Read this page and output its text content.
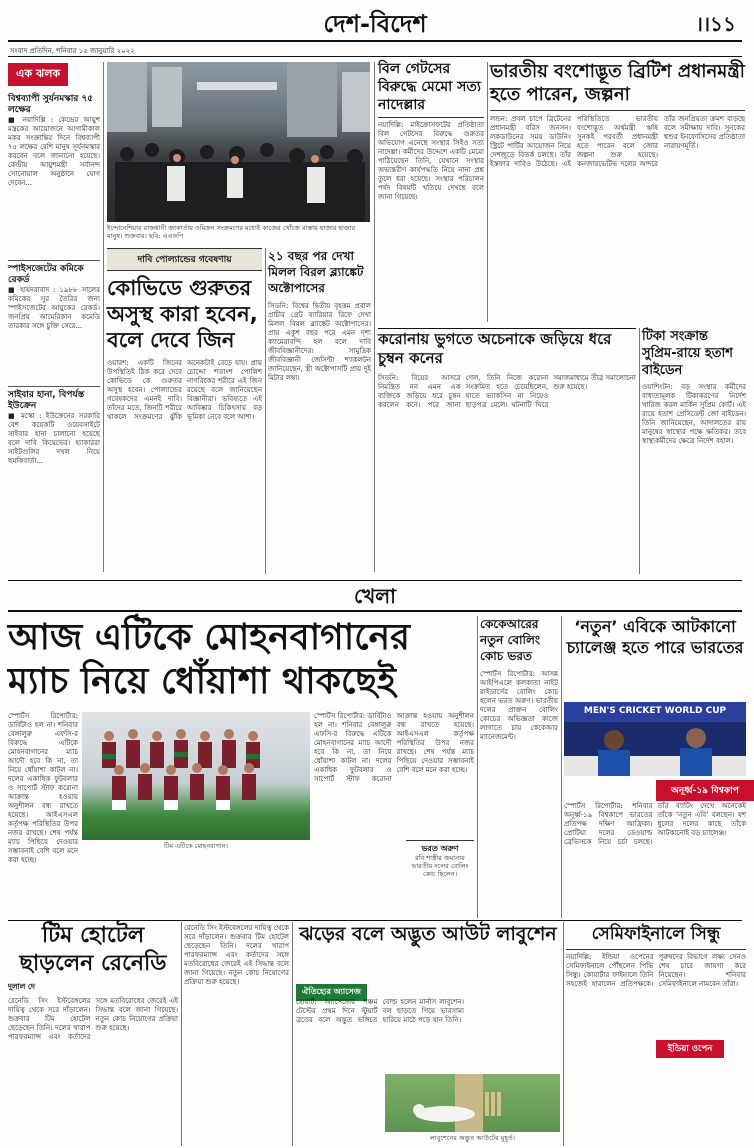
দেশ-বিদেশ	।।১১
সংবাদ প্রতিদিন, শনিবার ১৫ জানুয়ারি ২০২২
এক ঝলক
বিশ্বব্যাপী সুর্যনমস্কার ৭৫ লক্ষের
■ নয়াদিল্লি : কেন্দ্রের আয়ুশ মন্ত্রকের আয়োজনে আগামীকাল মকর সংক্রান্তির দিনে বিশ্বব্যাপী ৭৫ লক্ষের বেশি মানুষ সূর্যনমস্কার করবেন বলে জানানো হয়েছে। কেন্দ্রীয় আয়ুশমন্ত্রী সর্বানন্দ সোনোয়াল অনুষ্ঠানে যোগ দেবেন...
স্পাইসজেটের কমিকে রেকর্ড
■ হায়দরাবাদ : ১৯৮৮ সালের কমিকের সুর তৈরির জন্য স্পাইসজেটের আয়ুকের রেকর্ড। জনপ্রিয় আমেরিকান কমেডি তারকার সঙ্গে চুক্তি সেরে...
সাইবার হানা, বিপর্যস্ত ইউক্রেন
■ মস্কো : ইউক্রেনের সরকারি বেশ কয়েকটি ওয়েবসাইটে সাইবার হানা চালানো হয়েছে বলে দাবি কিয়েভের। হ্যাকাররা সাইটগুলির দখল নিয়ে হুমকিবার্তা...
ইন্দোনেশিয়ার রাজধানী জাকার্তায় ওমিক্রন সংক্রমণের মধ্যেই কাজের খোঁজে রাস্তায় হাজার হাজার মানুষ। শুক্রবার। ছবি: এএফপি
বিল গেটসের বিরুদ্ধে মেমো সত্য নাদেল্লার
নয়াদিল্লি: মাইক্রোসফটের প্রতিষ্ঠাতা বিল গেটসের বিরুদ্ধে গুরুতর অভিযোগ এনেছে সংস্থার সিইও সত্য নাদেল্লা। কর্মীদের উদ্দেশে একটি মেমো পাঠিয়েছেন তিনি, যেখানে সংস্থার অভ্যন্তরীণ কার্যপদ্ধতি নিয়ে নানা প্রশ্ন তুলে ধরা হয়েছে। সংস্থার পরিচালন পর্ষদ বিষয়টি খতিয়ে দেখছে বলে জানা গিয়েছে।
ভারতীয় বংশোদ্ভূত ব্রিটিশ প্রধানমন্ত্রী হতে পারেন, জল্পনা
লন্ডন: প্রবল চাপে ব্রিটেনের প্রধানমন্ত্রী বরিস জনসন। লকডাউনের সময় ডাউনিং স্ট্রিটে পার্টির আয়োজন নিয়ে দেশজুড়ে বিতর্ক চলছে। তাঁর ইস্তফার দাবিও উঠেছে। এই পরিস্থিতিতে ভারতীয় বংশোদ্ভূত অর্থমন্ত্রী ঋষি সুনকই পরবর্তী প্রধানমন্ত্রী হতে পারেন বলে জোর জল্পনা শুরু হয়েছে। কনজারভেটিভ দলের অন্দরে তাঁর জনপ্রিয়তা ক্রমশ বাড়ছে বলে সমীক্ষায় দাবি। সুনকের শ্বশুর ইনফোসিসের প্রতিষ্ঠাতা নারায়ণমূর্তি।
দাবি পোল্যান্ডের গবেষণায়
কোভিডে গুরুতর অসুস্থ কারা হবেন, বলে দেবে জিন
ওয়ারশ: একটি জিনের উপস্থিতিই ঠিক করে দেবে কোভিডে কে গুরুতর অসুস্থ হবেন। পোল্যান্ডের গবেষকদের এমনই দাবি। তাঁদের মতে, জিনটি শরীরে থাকলে সংক্রমণের ঝুঁকি অনেকটাই বেড়ে যায়। প্রায় চোদ্দো শতাংশ পোলিশ নাগরিকের শরীরে এই জিন রয়েছে বলে জানিয়েছেন বিজ্ঞানীরা। ভবিষ্যতে এই আবিষ্কার চিকিৎসায় বড় ভূমিকা নেবে বলে আশা।
২১ বছর পর দেখা মিলল বিরল ব্ল্যাঙ্কেট অক্টোপাসের
সিডনি: বিশ্বের দ্বিতীয় বৃহত্তম প্রবাল প্রাচীর গ্রেট ব্যারিয়ার রিফে দেখা মিলল বিরল ব্ল্যাঙ্কেট অক্টোপাসের। প্রায় একুশ বছর পরে এমন দৃশ্য ক্যামেরাবন্দি হল বলে দাবি জীববিজ্ঞানীদের। সামুদ্রিক জীববিজ্ঞানী জেসিন্টা শ্যাকলটন জানিয়েছেন, স্ত্রী অক্টোপাসটি প্রায় দুই মিটার লম্বা।
করোনায় ভুগতে অচেনাকে জড়িয়ে ধরে চুম্বন কনের
সিডনি: বিয়ের আসরে নিমন্ত্রিত নন এমন এক ব্যক্তিকে জড়িয়ে ধরে চুম্বন করলেন কনে। পরে জানা গেল, তিনি নিজে করোনা সংক্রমিত হতে চেয়েছিলেন, যাতে ভ্যাকসিন না নিয়েও ছাড়পত্র মেলে। ঘটনাটি ঘিরে সমাজমাধ্যমে তীব্র সমালোচনা শুরু হয়েছে।
টিকা সংক্রান্ত সুপ্রিম-রায়ে হতাশ বাইডেন
ওয়াশিংটন: বড় সংস্থার কর্মীদের বাধ্যতামূলক টিকাকরণের নির্দেশ খারিজ করল মার্কিন সুপ্রিম কোর্ট। এই রায়ে হতাশ প্রেসিডেন্ট জো বাইডেন। তিনি জানিয়েছেন, আদালতের রায় মানুষের স্বাস্থ্যের পক্ষে ক্ষতিকর। তবে স্বাস্থ্যকর্মীদের ক্ষেত্রে নির্দেশ বহাল।
খেলা
আজ এটিকে মোহনবাগানের ম্যাচ নিয়ে ধোঁয়াশা থাকছেই
টিম এটিকে মোহনবাগান।
স্পোর্টস রিপোর্টার: ডার্বিটাও হল না। শনিবার বেঙ্গালুরু এফসি-র বিরুদ্ধে এটিকে মোহনবাগানের ম্যাচ আদৌ হবে কি না, তা নিয়ে ধোঁয়াশা কাটল না। দলের একাধিক ফুটবলার ও সাপোর্ট স্টাফ করোনা আক্রান্ত হওয়ায় অনুশীলন বন্ধ রাখতে হয়েছে। আইএসএল কর্তৃপক্ষ পরিস্থিতির উপর নজর রাখছে। শেষ পর্যন্ত ম্যাচ পিছিয়ে দেওয়ার সম্ভাবনাই বেশি বলে মনে করা হচ্ছে।
স্পোর্টস রিপোর্টার: ডার্বিটাও হল না। শনিবার বেঙ্গালুরু এফসি-র বিরুদ্ধে এটিকে মোহনবাগানের ম্যাচ আদৌ হবে কি না, তা নিয়ে ধোঁয়াশা কাটল না। দলের একাধিক ফুটবলার ও সাপোর্ট স্টাফ করোনা আক্রান্ত হওয়ায় অনুশীলন বন্ধ রাখতে হয়েছে। আইএসএল কর্তৃপক্ষ পরিস্থিতির উপর নজর রাখছে। শেষ পর্যন্ত ম্যাচ পিছিয়ে দেওয়ার সম্ভাবনাই বেশি বলে মনে করা হচ্ছে।
কেকেআরের নতুন বোলিং কোচ ভরত
স্পোর্টস রিপোর্টার: আসন্ন আইপিএলে কলকাতা নাইট রাইডার্সের বোলিং কোচ হলেন ভরত অরুণ। ভারতীয় দলের প্রাক্তন বোলিং কোচের অভিজ্ঞতা কাজে লাগাতে চায় কেকেআর ম্যানেজমেন্ট।
ভরত অরুণ
রবি শাস্ত্রীর জমানায় ভারতীয় দলের বোলিং কোচ ছিলেন।
‘নতুন’ এবিকে আটকানো চ্যালেঞ্জ হতে পারে ভারতের
MEN'S CRICKET WORLD CUP
অনূর্ধ্ব-১৯ বিশ্বকাপ
স্পোর্টস রিপোর্টার: শনিবার অনূর্ধ্ব-১৯ বিশ্বকাপে ভারতের প্রতিপক্ষ দক্ষিণ আফ্রিকা। প্রোটিয়া দলের ডেওয়াল্ড ব্রেভিসকে নিয়ে চর্চা চলছে। তাঁর ব্যাটিং দেখে অনেকেই তাঁকে ‘নতুন এবি’ বলছেন। যশ ধুলের দলের কাছে তাঁকে আটকানোই বড় চ্যালেঞ্জ।
টিম হোটেল ছাড়লেন রেনেডি
দুলাল দে
রেনেডি সিং ইস্টবেঙ্গলের দায়িত্ব থেকে সরে দাঁড়ালেন। শুক্রবার টিম হোটেল ছেড়েছেন তিনি। দলের খারাপ পারফরম্যান্স এবং কর্তাদের সঙ্গে মতবিরোধের জেরেই এই সিদ্ধান্ত বলে জানা গিয়েছে। নতুন কোচ নিয়োগের প্রক্রিয়া শুরু হয়েছে।
রেনেডি সিং ইস্টবেঙ্গলের দায়িত্ব থেকে সরে দাঁড়ালেন। শুক্রবার টিম হোটেল ছেড়েছেন তিনি। দলের খারাপ পারফরম্যান্স এবং কর্তাদের সঙ্গে মতবিরোধের জেরেই এই সিদ্ধান্ত বলে জানা গিয়েছে। নতুন কোচ নিয়োগের প্রক্রিয়া শুরু হয়েছে।
ঝড়ের বলে অদ্ভুত আউট লাবুশেন
ঐতিহ্যের অ্যাসেজ
হোবার্ট: অ্যাসেজের পঞ্চম টেস্টের প্রথম দিনে স্টুয়ার্ট ব্রডের বলে অদ্ভুত ভঙ্গিতে বোল্ড হলেন মার্নাস লাবুশেন। বল ছাড়তে গিয়ে ভারসাম্য হারিয়ে মাঠে পড়ে যান তিনি।
লাবুশেনের অদ্ভুত আউটের মুহূর্ত।
সেমিফাইনালে সিন্ধু
নয়াদিল্লি: ইন্ডিয়া ওপেনের সেমিফাইনালে পৌঁছলেন পিভি সিন্ধু। কোয়ার্টার ফাইনালে তিনি সহজেই হারালেন প্রতিপক্ষকে। পুরুষদের বিভাগে লক্ষ্য সেনও শেষ চারে জায়গা করে নিয়েছেন। শনিবার সেমিফাইনালে নামবেন তাঁরা।
ইন্ডিয়া ওপেন
